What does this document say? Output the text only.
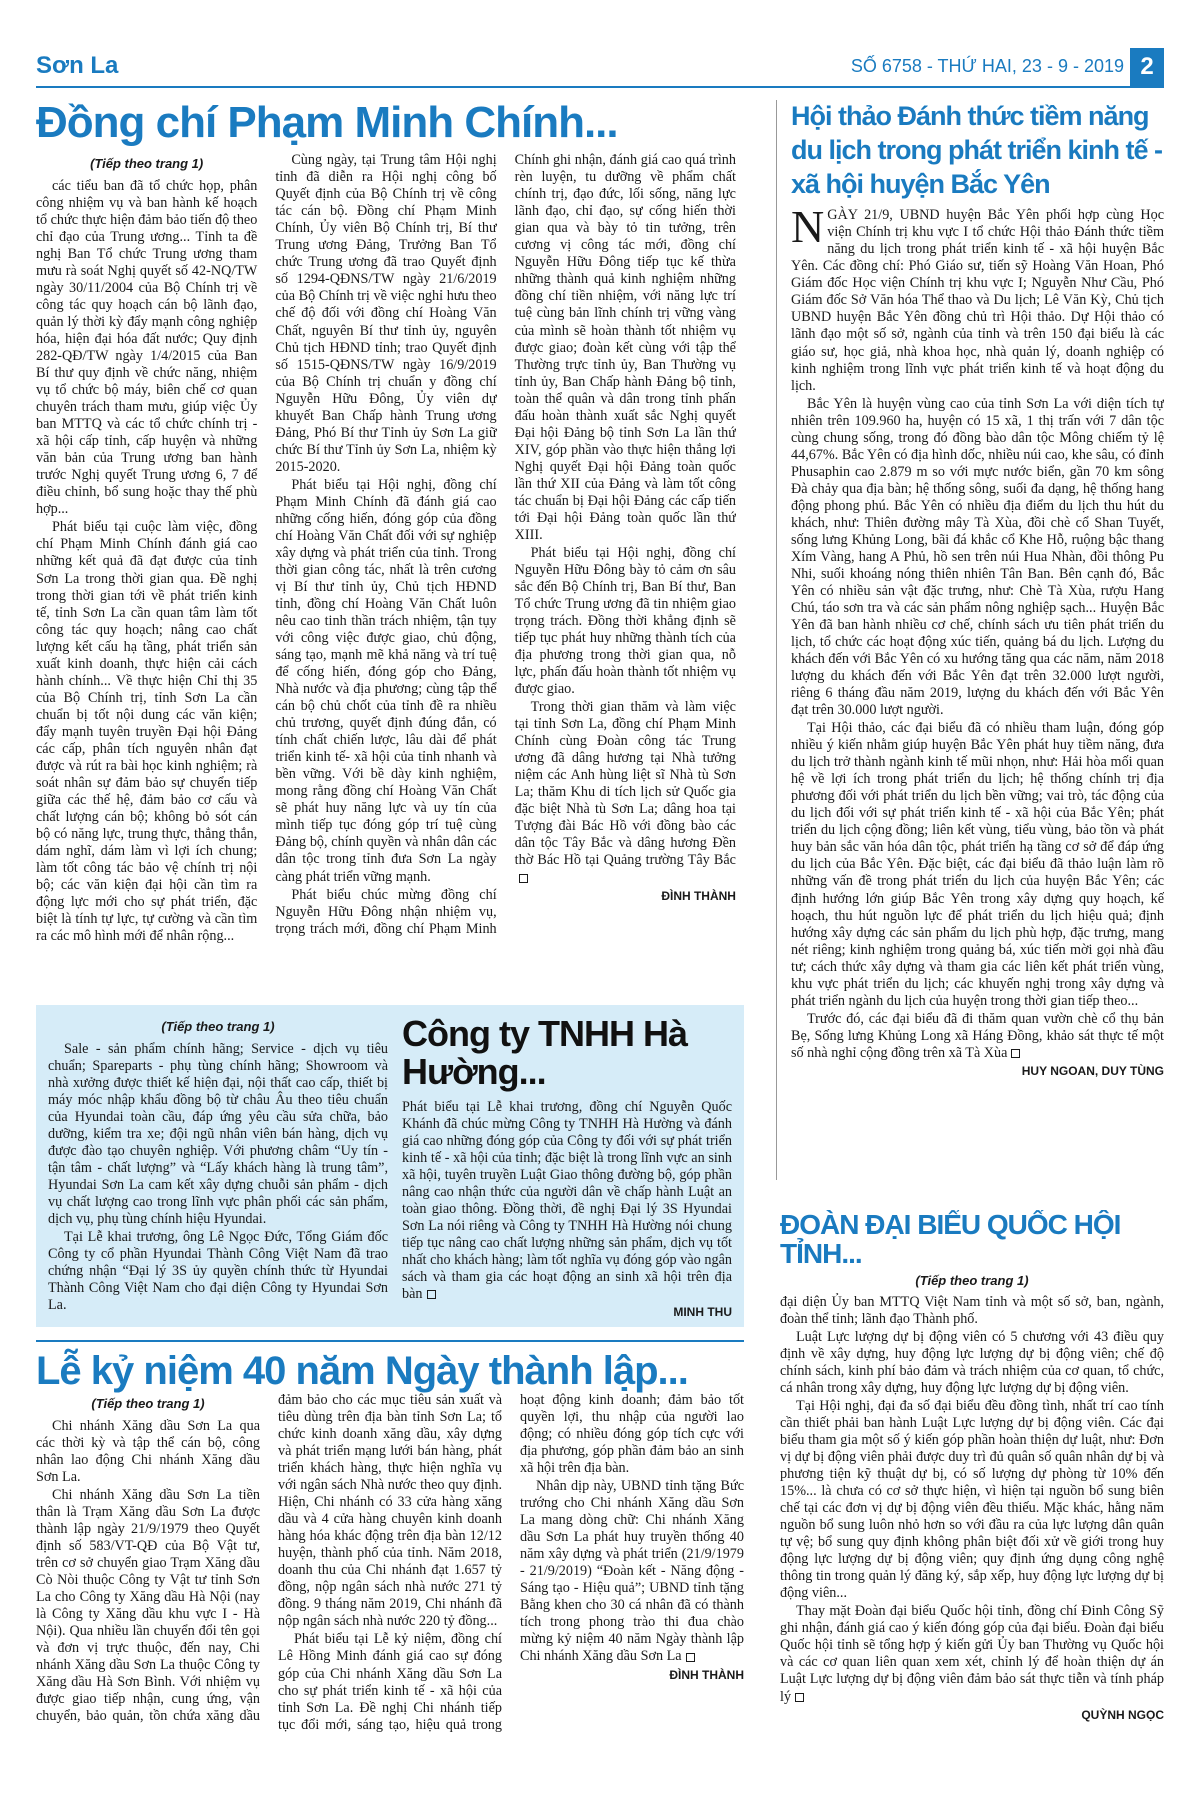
Sơn La	SỐ 6758 - THỨ HAI, 23 - 9 - 2019 2
Đồng chí Phạm Minh Chính...
(Tiếp theo trang 1)

các tiểu ban đã tổ chức họp, phân công nhiệm vụ và ban hành kế hoạch tổ chức thực hiện đảm bảo tiến độ theo chỉ đạo của Trung ương... Tỉnh ta đề nghị Ban Tổ chức Trung ương tham mưu rà soát Nghị quyết số 42-NQ/TW ngày 30/11/2004 của Bộ Chính trị về công tác quy hoạch cán bộ lãnh đạo, quản lý thời kỳ đẩy mạnh công nghiệp hóa, hiện đại hóa đất nước; Quy định 282-QĐ/TW ngày 1/4/2015 của Ban Bí thư quy định về chức năng, nhiệm vụ tổ chức bộ máy, biên chế cơ quan chuyên trách tham mưu, giúp việc Ủy ban MTTQ và các tổ chức chính trị - xã hội cấp tỉnh, cấp huyện và những văn bản của Trung ương ban hành trước Nghị quyết Trung ương 6, 7 để điều chỉnh, bổ sung hoặc thay thế phù hợp...

Phát biểu tại cuộc làm việc, đồng chí Phạm Minh Chính đánh giá cao những kết quả đã đạt được của tỉnh Sơn La trong thời gian qua. Đề nghị trong thời gian tới về phát triển kinh tế, tỉnh Sơn La cần quan tâm làm tốt công tác quy hoạch; nâng cao chất lượng kết cấu hạ tầng, phát triển sản xuất kinh doanh, thực hiện cải cách hành chính... Về thực hiện Chỉ thị 35 của Bộ Chính trị, tỉnh Sơn La cần chuẩn bị tốt nội dung các văn kiện; đẩy mạnh tuyên truyền Đại hội Đảng các cấp, phân tích nguyên nhân đạt được và rút ra bài học kinh nghiệm; rà soát nhân sự đảm bảo sự chuyển tiếp giữa các thế hệ, đảm bảo cơ cấu và chất lượng cán bộ; không bỏ sót cán bộ có năng lực, trung thực, thẳng thắn, dám nghĩ, dám làm vì lợi ích chung; làm tốt công tác bảo vệ chính trị nội bộ; các văn kiện đại hội cần tìm ra động lực mới cho sự phát triển, đặc biệt là tính tự lực, tự cường và cần tìm ra các mô hình mới để nhân rộng...

Cùng ngày, tại Trung tâm Hội nghị tỉnh đã diễn ra Hội nghị công bố Quyết định của Bộ Chính trị về công tác cán bộ. Đồng chí Phạm Minh Chính, Ủy viên Bộ Chính trị, Bí thư Trung ương Đảng, Trưởng Ban Tổ chức Trung ương đã trao Quyết định số 1294-QĐNS/TW ngày 21/6/2019 của Bộ Chính trị về việc nghỉ hưu theo chế độ đối với đồng chí Hoàng Văn Chất, nguyên Bí thư tỉnh ủy, nguyên Chủ tịch HĐND tỉnh; trao Quyết định số 1515-QĐNS/TW ngày 16/9/2019 của Bộ Chính trị chuẩn y đồng chí Nguyễn Hữu Đông, Ủy viên dự khuyết Ban Chấp hành Trung ương Đảng, Phó Bí thư Tỉnh ủy Sơn La giữ chức Bí thư Tỉnh ủy Sơn La, nhiệm kỳ 2015-2020.

Phát biểu tại Hội nghị, đồng chí Phạm Minh Chính đã đánh giá cao những cống hiến, đóng góp của đồng chí Hoàng Văn Chất đối với sự nghiệp xây dựng và phát triển của tỉnh. Trong thời gian công tác, nhất là trên cương vị Bí thư tỉnh ủy, Chủ tịch HĐND tỉnh, đồng chí Hoàng Văn Chất luôn nêu cao tinh thần trách nhiệm, tận tụy với công việc được giao, chủ động, sáng tạo, mạnh mẽ khả năng và trí tuệ để cống hiến, đóng góp cho Đảng, Nhà nước và địa phương; cùng tập thể cán bộ chủ chốt của tỉnh đề ra nhiều chủ trương, quyết định đúng đắn, có tính chất chiến lược, lâu dài để phát triển kinh tế- xã hội của tỉnh nhanh và bền vững. Với bề dày kinh nghiệm, mong rằng đồng chí Hoàng Văn Chất sẽ phát huy năng lực và uy tín của mình tiếp tục đóng góp trí tuệ cùng Đảng bộ, chính quyền và nhân dân các dân tộc trong tỉnh đưa Sơn La ngày càng phát triển vững mạnh.

Phát biểu chúc mừng đồng chí Nguyễn Hữu Đông nhận nhiệm vụ, trọng trách mới, đồng chí Phạm Minh Chính ghi nhận, đánh giá cao quá trình rèn luyện, tu dưỡng về phẩm chất chính trị, đạo đức, lối sống, năng lực lãnh đạo, chỉ đạo, sự cống hiến thời gian qua và bày tỏ tin tưởng, trên cương vị công tác mới, đồng chí Nguyễn Hữu Đông tiếp tục kế thừa những thành quả kinh nghiệm những đồng chí tiền nhiệm, với năng lực trí tuệ cùng bản lĩnh chính trị vững vàng của mình sẽ hoàn thành tốt nhiệm vụ được giao; đoàn kết cùng với tập thể Thường trực tỉnh ủy, Ban Thường vụ tỉnh ủy, Ban Chấp hành Đảng bộ tỉnh, toàn thể quân và dân trong tỉnh phấn đấu hoàn thành xuất sắc Nghị quyết Đại hội Đảng bộ tỉnh Sơn La lần thứ XIV, góp phần vào thực hiện thắng lợi Nghị quyết Đại hội Đảng toàn quốc lần thứ XII của Đảng và làm tốt công tác chuẩn bị Đại hội Đảng các cấp tiến tới Đại hội Đảng toàn quốc lần thứ XIII.

Phát biểu tại Hội nghị, đồng chí Nguyễn Hữu Đông bày tỏ cảm ơn sâu sắc đến Bộ Chính trị, Ban Bí thư, Ban Tổ chức Trung ương đã tin nhiệm giao trọng trách. Đồng thời khẳng định sẽ tiếp tục phát huy những thành tích của địa phương trong thời gian qua, nỗ lực, phấn đấu hoàn thành tốt nhiệm vụ được giao.

Trong thời gian thăm và làm việc tại tỉnh Sơn La, đồng chí Phạm Minh Chính cùng Đoàn công tác Trung ương đã dâng hương tại Nhà tưởng niệm các Anh hùng liệt sĩ Nhà tù Sơn La; thăm Khu di tích lịch sử Quốc gia đặc biệt Nhà tù Sơn La; dâng hoa tại Tượng đài Bác Hồ với đồng bào các dân tộc Tây Bắc và dâng hương Đền thờ Bác Hồ tại Quảng trường Tây Bắc

ĐÌNH THÀNH
Hội thảo Đánh thức tiềm năng du lịch trong phát triển kinh tế - xã hội huyện Bắc Yên

NGÀY 21/9, UBND huyện Bắc Yên phối hợp cùng Học viện Chính trị khu vực I tổ chức Hội thảo Đánh thức tiềm năng du lịch trong phát triển kinh tế - xã hội huyện Bắc Yên. Các đồng chí: Phó Giáo sư, tiến sỹ Hoàng Văn Hoan, Phó Giám đốc Học viện Chính trị khu vực I; Nguyễn Như Cầu, Phó Giám đốc Sở Văn hóa Thể thao và Du lịch; Lê Văn Kỳ, Chủ tịch UBND huyện Bắc Yên đồng chủ trì Hội thảo. Dự Hội thảo có lãnh đạo một số sở, ngành của tỉnh và trên 150 đại biểu là các giáo sư, học giả, nhà khoa học, nhà quản lý, doanh nghiệp có kinh nghiệm trong lĩnh vực phát triển kinh tế và hoạt động du lịch.

Bắc Yên là huyện vùng cao của tỉnh Sơn La với diện tích tự nhiên trên 109.960 ha, huyện có 15 xã, 1 thị trấn với 7 dân tộc cùng chung sống, trong đó đồng bào dân tộc Mông chiếm tỷ lệ 44,67%. Bắc Yên có địa hình dốc, nhiều núi cao, khe sâu, có đỉnh Phusaphin cao 2.879 m so với mực nước biển, gần 70 km sông Đà chảy qua địa bàn; hệ thống sông, suối đa dạng, hệ thống hang động phong phú. Bắc Yên có nhiều địa điểm du lịch thu hút du khách, như: Thiên đường mây Tà Xùa, đồi chè cổ Shan Tuyết, sống lưng Khủng Long, bãi đá khắc cổ Khe Hỗ, ruộng bậc thang Xím Vàng, hang A Phủ, hồ sen trên núi Hua Nhàn, đồi thông Pu Nhi, suối khoáng nóng thiên nhiên Tân Ban. Bên cạnh đó, Bắc Yên có nhiều sản vật đặc trưng, như: Chè Tà Xùa, rượu Hang Chú, táo sơn tra và các sản phẩm nông nghiệp sạch... Huyện Bắc Yên đã ban hành nhiều cơ chế, chính sách ưu tiên phát triển du lịch, tổ chức các hoạt động xúc tiến, quảng bá du lịch. Lượng du khách đến với Bắc Yên có xu hướng tăng qua các năm, năm 2018 lượng du khách đến với Bắc Yên đạt trên 32.000 lượt người, riêng 6 tháng đầu năm 2019, lượng du khách đến với Bắc Yên đạt trên 30.000 lượt người.

Tại Hội thảo, các đại biểu đã có nhiều tham luận, đóng góp nhiều ý kiến nhằm giúp huyện Bắc Yên phát huy tiềm năng, đưa du lịch trở thành ngành kinh tế mũi nhọn, như: Hải hòa mối quan hệ về lợi ích trong phát triển du lịch; hệ thống chính trị địa phương đối với phát triển du lịch bền vững; vai trò, tác động của du lịch đối với sự phát triển kinh tế - xã hội của Bắc Yên; phát triển du lịch cộng đồng; liên kết vùng, tiểu vùng, bảo tồn và phát huy bản sắc văn hóa dân tộc, phát triển hạ tầng cơ sở để đáp ứng du lịch của Bắc Yên. Đặc biệt, các đại biểu đã thảo luận làm rõ những vấn đề trong phát triển du lịch của huyện Bắc Yên; các định hướng lớn giúp Bắc Yên trong xây dựng quy hoạch, kế hoạch, thu hút nguồn lực để phát triển du lịch hiệu quả; định hướng xây dựng các sản phẩm du lịch phù hợp, đặc trưng, mang nét riêng; kinh nghiệm trong quảng bá, xúc tiến mời gọi nhà đầu tư; cách thức xây dựng và tham gia các liên kết phát triển vùng, khu vực phát triển du lịch; các khuyến nghị trong xây dựng và phát triển ngành du lịch của huyện trong thời gian tiếp theo...

Trước đó, các đại biểu đã đi thăm quan vườn chè cổ thụ bản Bẹ, Sống lưng Khủng Long xã Háng Đồng, khảo sát thực tế một số nhà nghỉ cộng đồng trên xã Tà Xùa

HUY NGOAN, DUY TÙNG
(Tiếp theo trang 1)

Sale - sản phẩm chính hãng; Service - dịch vụ tiêu chuẩn; Spareparts - phụ tùng chính hãng; Showroom và nhà xưởng được thiết kế hiện đại, nội thất cao cấp, thiết bị máy móc nhập khẩu đồng bộ từ châu Âu theo tiêu chuẩn của Hyundai toàn cầu, đáp ứng yêu cầu sửa chữa, bảo dưỡng, kiểm tra xe; đội ngũ nhân viên bán hàng, dịch vụ được đào tạo chuyên nghiệp. Với phương châm “Uy tín - tận tâm - chất lượng” và “Lấy khách hàng là trung tâm”, Hyundai Sơn La cam kết xây dựng chuỗi sản phẩm - dịch vụ chất lượng cao trong lĩnh vực phân phối các sản phẩm, dịch vụ, phụ tùng chính hiệu Hyundai.

Tại Lễ khai trương, ông Lê Ngọc Đức, Tổng Giám đốc Công ty cổ phần Hyundai Thành Công Việt Nam đã trao chứng nhận “Đại lý 3S ủy quyền chính thức từ Hyundai Thành Công Việt Nam cho đại diện Công ty Hyundai Sơn La.

Công ty TNHH Hà Hường...

Phát biểu tại Lễ khai trương, đồng chí Nguyễn Quốc Khánh đã chúc mừng Công ty TNHH Hà Hường và đánh giá cao những đóng góp của Công ty đối với sự phát triển kinh tế - xã hội của tỉnh; đặc biệt là trong lĩnh vực an sinh xã hội, tuyên truyền Luật Giao thông đường bộ, góp phần nâng cao nhận thức của người dân về chấp hành Luật an toàn giao thông. Đồng thời, đề nghị Đại lý 3S Hyundai Sơn La nói riêng và Công ty TNHH Hà Hường nói chung tiếp tục nâng cao chất lượng những sản phẩm, dịch vụ tốt nhất cho khách hàng; làm tốt nghĩa vụ đóng góp vào ngân sách và tham gia các hoạt động an sinh xã hội trên địa bàn

MINH THU
ĐOÀN ĐẠI BIỂU QUỐC HỘI TỈNH...
(Tiếp theo trang 1)

đại diện Ủy ban MTTQ Việt Nam tỉnh và một số sở, ban, ngành, đoàn thể tỉnh; lãnh đạo Thành phố.

Luật Lực lượng dự bị động viên có 5 chương với 43 điều quy định về xây dựng, huy động lực lượng dự bị động viên; chế độ chính sách, kinh phí bảo đảm và trách nhiệm của cơ quan, tổ chức, cá nhân trong xây dựng, huy động lực lượng dự bị động viên.

Tại Hội nghị, đại đa số đại biểu đều đồng tình, nhất trí cao tính cần thiết phải ban hành Luật Lực lượng dự bị động viên. Các đại biểu tham gia một số ý kiến góp phần hoàn thiện dự luật, như: Đơn vị dự bị động viên phải được duy trì đủ quân số quân nhân dự bị và phương tiện kỹ thuật dự bị, có số lượng dự phòng từ 10% đến 15%... là chưa có cơ sở thực hiện, vì hiện tại nguồn bổ sung biên chế tại các đơn vị dự bị động viên đều thiếu. Mặc khác, hằng năm nguồn bổ sung luôn nhỏ hơn so với đầu ra của lực lượng dân quân tự vệ; bổ sung quy định không phân biệt đối xử về giới trong huy động lực lượng dự bị động viên; quy định ứng dụng công nghệ thông tin trong quản lý đăng ký, sắp xếp, huy động lực lượng dự bị động viên...

Thay mặt Đoàn đại biểu Quốc hội tỉnh, đồng chí Đinh Công Sỹ ghi nhận, đánh giá cao ý kiến đóng góp của đại biểu. Đoàn đại biểu Quốc hội tỉnh sẽ tổng hợp ý kiến gửi Ủy ban Thường vụ Quốc hội và các cơ quan liên quan xem xét, chỉnh lý để hoàn thiện dự án Luật Lực lượng dự bị động viên đảm bảo sát thực tiễn và tính pháp lý

QUỲNH NGỌC
Lễ kỷ niệm 40 năm Ngày thành lập...
(Tiếp theo trang 1)

Chi nhánh Xăng dầu Sơn La qua các thời kỳ và tập thể cán bộ, công nhân lao động Chi nhánh Xăng dầu Sơn La.

Chi nhánh Xăng dầu Sơn La tiền thân là Trạm Xăng dầu Sơn La được thành lập ngày 21/9/1979 theo Quyết định số 583/VT-QĐ của Bộ Vật tư, trên cơ sở chuyển giao Trạm Xăng dầu Cò Nòi thuộc Công ty Vật tư tỉnh Sơn La cho Công ty Xăng dầu Hà Nội (nay là Công ty Xăng dầu khu vực I - Hà Nội). Qua nhiều lần chuyển đổi tên gọi và đơn vị trực thuộc, đến nay, Chi nhánh Xăng dầu Sơn La thuộc Công ty Xăng dầu Hà Sơn Bình. Với nhiệm vụ được giao tiếp nhận, cung ứng, vận chuyển, bảo quản, tồn chứa xăng dầu đảm bảo cho các mục tiêu sản xuất và tiêu dùng trên địa bàn tỉnh Sơn La; tổ chức kinh doanh xăng dầu, xây dựng và phát triển mạng lưới bán hàng, phát triển khách hàng, thực hiện nghĩa vụ với ngân sách Nhà nước theo quy định. Hiện, Chi nhánh có 33 cửa hàng xăng dầu và 4 cửa hàng chuyên kinh doanh hàng hóa khác động trên địa bàn 12/12 huyện, thành phố của tỉnh. Năm 2018, doanh thu của Chi nhánh đạt 1.657 tỷ đồng, nộp ngân sách nhà nước 271 tỷ đồng. 9 tháng năm 2019, Chi nhánh đã nộp ngân sách nhà nước 220 tỷ đồng...

Phát biểu tại Lễ kỷ niệm, đồng chí Lê Hồng Minh đánh giá cao sự đóng góp của Chi nhánh Xăng dầu Sơn La cho sự phát triển kinh tế - xã hội của tỉnh Sơn La. Đề nghị Chi nhánh tiếp tục đổi mới, sáng tạo, hiệu quả trong hoạt động kinh doanh; đảm bảo tốt quyền lợi, thu nhập của người lao động; có nhiều đóng góp tích cực với địa phương, góp phần đảm bảo an sinh xã hội trên địa bàn.

Nhân dịp này, UBND tỉnh tặng Bức trướng cho Chi nhánh Xăng dầu Sơn La mang dòng chữ: Chi nhánh Xăng dầu Sơn La phát huy truyền thống 40 năm xây dựng và phát triển (21/9/1979 - 21/9/2019) “Đoàn kết - Năng động - Sáng tạo - Hiệu quả”; UBND tỉnh tặng Bằng khen cho 30 cá nhân đã có thành tích trong phong trào thi đua chào mừng kỷ niệm 40 năm Ngày thành lập Chi nhánh Xăng dầu Sơn La

ĐÌNH THÀNH
